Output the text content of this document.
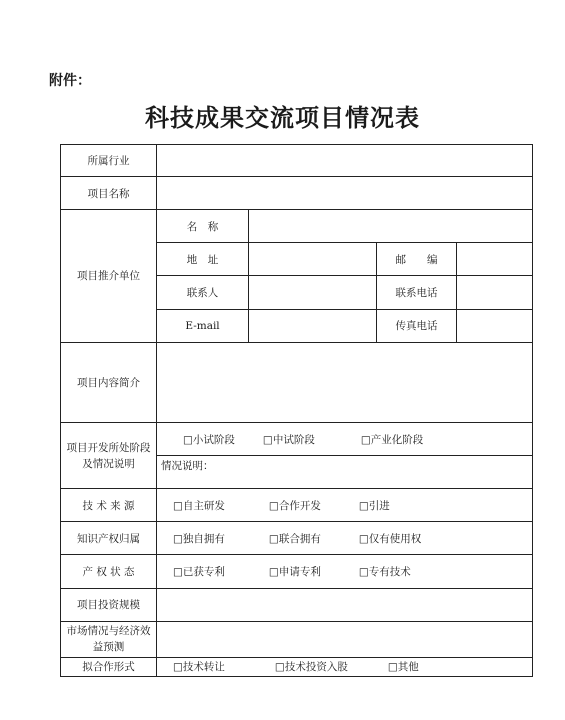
附件：
科技成果交流项目情况表
所属行业				
项目名称				
项目推介单位	名　称			
	地　址		邮　　编	
	联系人		联系电话	
	E-mail		传真电话	
项目内容简介				
项目开发所处阶段及情况说明	□小试阶段 □中试阶段 □产业化阶段			
	情况说明：			
技 术 来 源	□自主研发 □合作开发 □引进			
知识产权归属	□独自拥有 □联合拥有 □仅有使用权			
产 权 状 态	□已获专利 □申请专利 □专有技术			
项目投资规模				
市场情况与经济效益预测				
拟合作形式	□技术转让 □技术投资入股 □其他			
